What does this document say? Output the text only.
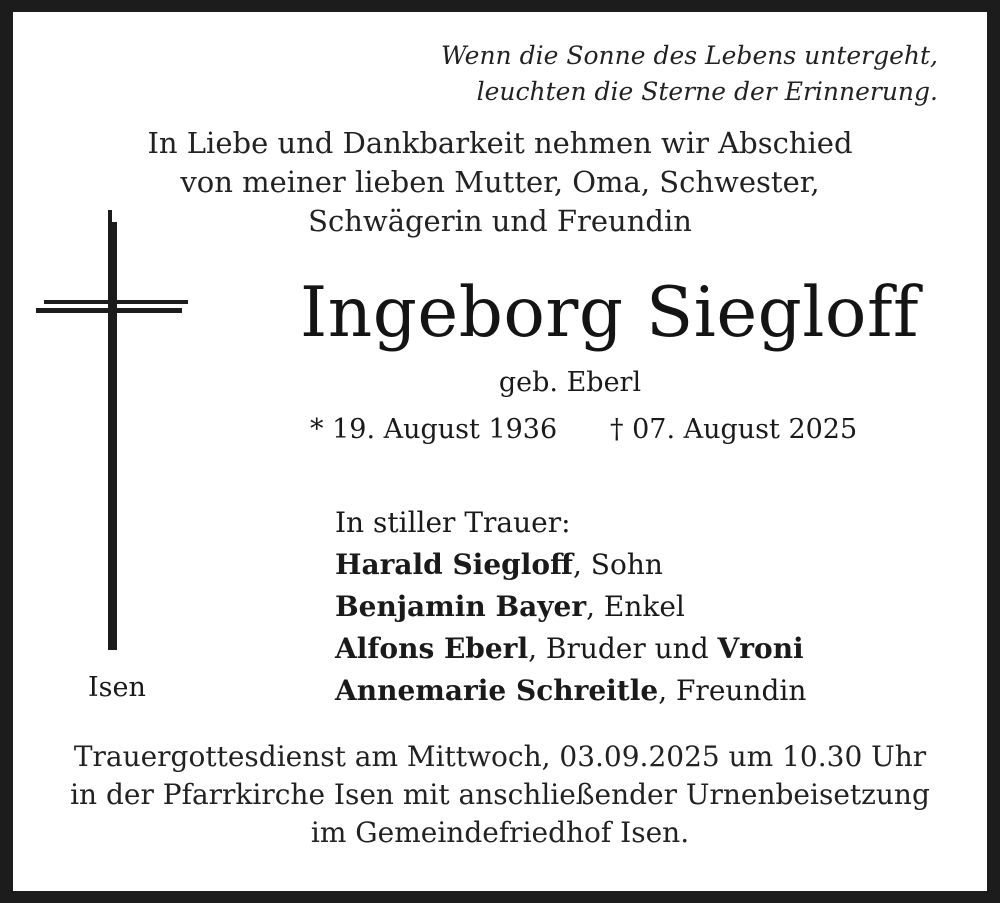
Wenn die Sonne des Lebens untergeht,
leuchten die Sterne der Erinnerung.
In Liebe und Dankbarkeit nehmen wir Abschied
von meiner lieben Mutter, Oma, Schwester,
Schwägerin und Freundin
Ingeborg Siegloff
geb. Eberl
* 19. August 1936 † 07. August 2025
In stiller Trauer:
Harald Siegloff, Sohn
Benjamin Bayer, Enkel
Alfons Eberl, Bruder und Vroni
Annemarie Schreitle, Freundin
Isen
Trauergottesdienst am Mittwoch, 03.09.2025 um 10.30 Uhr
in der Pfarrkirche Isen mit anschließender Urnenbeisetzung
im Gemeindefriedhof Isen.
